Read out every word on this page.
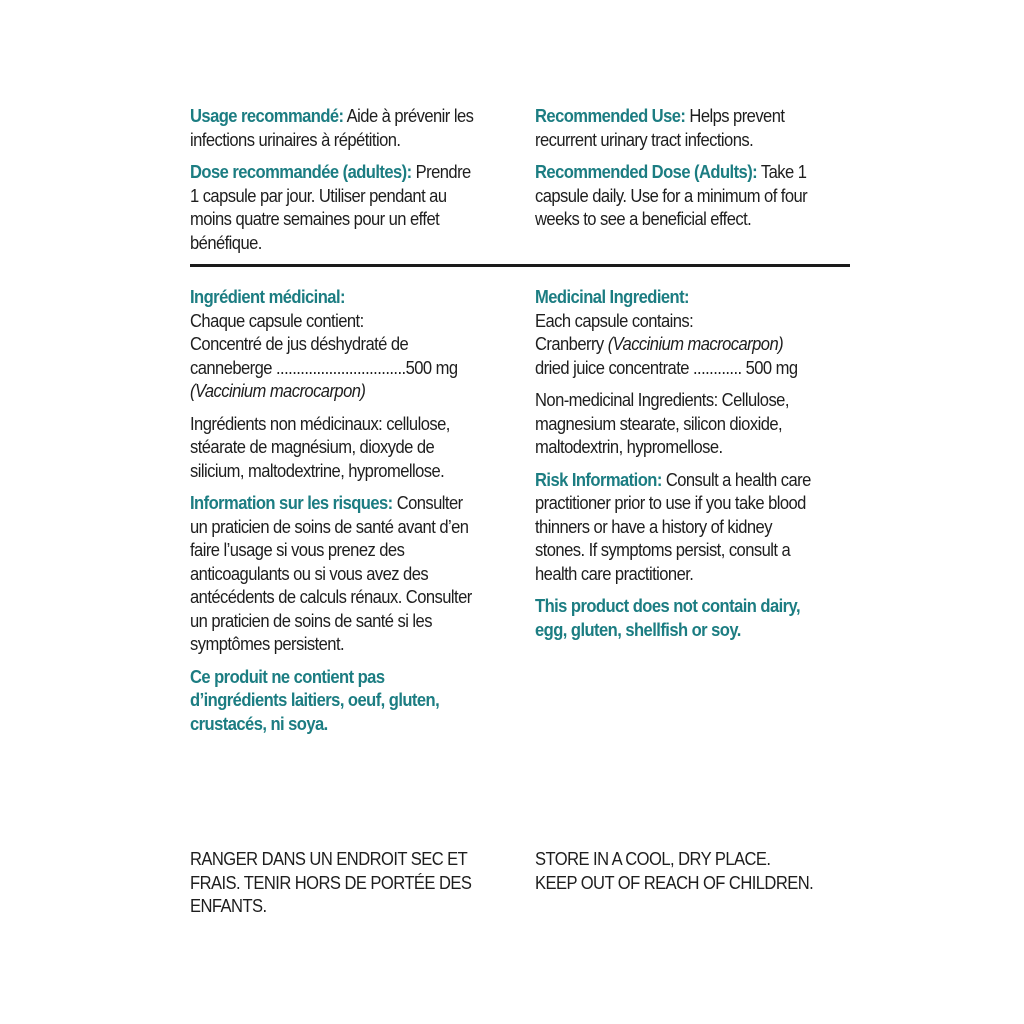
Usage recommandé: Aide à prévenir les
infections urinaires à répétition.
Dose recommandée (adultes): Prendre
1 capsule par jour. Utiliser pendant au
moins quatre semaines pour un effet
bénéfique.
Recommended Use: Helps prevent
recurrent urinary tract infections.
Recommended Dose (Adults): Take 1
capsule daily. Use for a minimum of four
weeks to see a beneficial effect.
Ingrédient médicinal:
Chaque capsule contient:
Concentré de jus déshydraté de
canneberge ................................500 mg
(Vaccinium macrocarpon)
Ingrédients non médicinaux: cellulose,
stéarate de magnésium, dioxyde de
silicium, maltodextrine, hypromellose.
Information sur les risques: Consulter
un praticien de soins de santé avant d’en
faire l’usage si vous prenez des
anticoagulants ou si vous avez des
antécédents de calculs rénaux. Consulter
un praticien de soins de santé si les
symptômes persistent.
Ce produit ne contient pas
d’ingrédients laitiers, oeuf, gluten,
crustacés, ni soya.
Medicinal Ingredient:
Each capsule contains:
Cranberry (Vaccinium macrocarpon)
dried juice concentrate ............ 500 mg
Non-medicinal Ingredients: Cellulose,
magnesium stearate, silicon dioxide,
maltodextrin, hypromellose.
Risk Information: Consult a health care
practitioner prior to use if you take blood
thinners or have a history of kidney
stones. If symptoms persist, consult a
health care practitioner.
This product does not contain dairy,
egg, gluten, shellfish or soy.
RANGER DANS UN ENDROIT SEC ET
FRAIS. TENIR HORS DE PORTÉE DES
ENFANTS.
STORE IN A COOL, DRY PLACE.
KEEP OUT OF REACH OF CHILDREN.
